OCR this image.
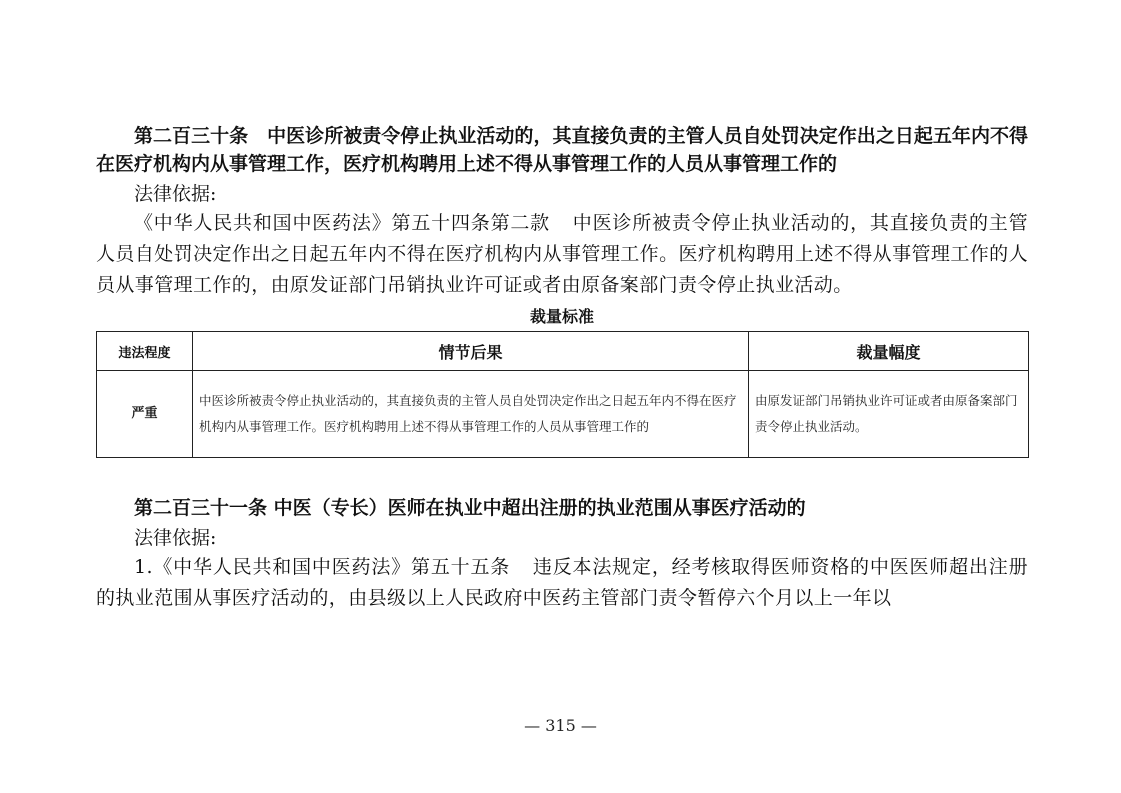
第二百三十条 中医诊所被责令停止执业活动的，其直接负责的主管人员自处罚决定作出之日起五年内不得在医疗机构内从事管理工作，医疗机构聘用上述不得从事管理工作的人员从事管理工作的

法律依据:

《中华人民共和国中医药法》第五十四条第二款 中医诊所被责令停止执业活动的，其直接负责的主管人员自处罚决定作出之日起五年内不得在医疗机构内从事管理工作。医疗机构聘用上述不得从事管理工作的人员从事管理工作的，由原发证部门吊销执业许可证或者由原备案部门责令停止执业活动。

裁量标准
违法程度	情节后果	裁量幅度
严重	中医诊所被责令停止执业活动的，其直接负责的主管人员自处罚决定作出之日起五年内不得在医疗机构内从事管理工作。医疗机构聘用上述不得从事管理工作的人员从事管理工作的	由原发证部门吊销执业许可证或者由原备案部门责令停止执业活动。

第二百三十一条 中医（专长）医师在执业中超出注册的执业范围从事医疗活动的

法律依据:

1.《中华人民共和国中医药法》第五十五条 违反本法规定，经考核取得医师资格的中医医师超出注册的执业范围从事医疗活动的，由县级以上人民政府中医药主管部门责令暂停六个月以上一年以

— 315 —
